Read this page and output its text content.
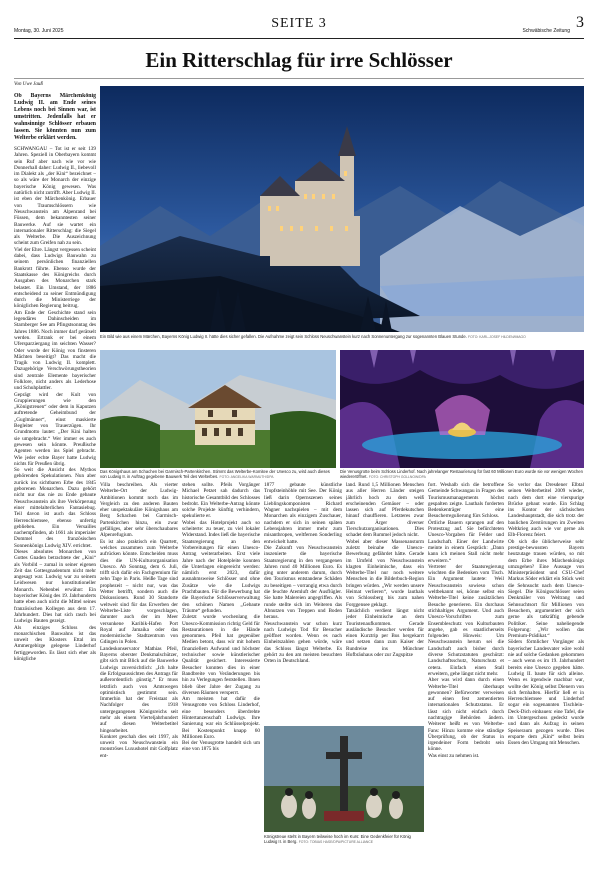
Montag, 30. Juni 2025	SEITE 3	Schwäbische Zeitung 3
Ein Ritterschlag für irre Schlösser
Von Uwe Jauß
Ob Bayerns Märchenkönig Ludwig II. am Ende seines Lebens noch bei Sinnen war, ist umstritten. Jedenfalls hat er wahnsinnige Schlösser erbauen lassen. Sie könnten nun zum Welterbe erklärt werden.

SCHWANGAU – Tot ist er seit 139 Jahren. Speziell in Oberbayern kommt sein Ruf aber nach wie vor wie Donnerhall daher: Ludwig II., liebevoll im Dialekt als „der Kini“ bezeichnet – so als wäre der Monarch der einzige bayerische König gewesen. Was natürlich nicht zutrifft. Aber Ludwig II. ist eben der Märchenkönig. Erbauer von Traumschlössern wie Neuschwanstein am Alpenrand bei Füssen, dem bekanntesten seiner Bauwerke. Auf sie wartet ein internationaler Ritterschlag: die Siegel als Welterbe. Die Auszeichnung scheint zum Greifen nah zu sein.

Viel der Ehre. Längst vergessen scheint dabei, dass Ludwigs Bauwahn zu seinem persönlichen finanziellen Bankrott führte. Ebenso wurde der Staatskasse des Königreichs durch Ausgaben des Monarchen stark belastet. Ein Umstand, der 1886 entscheidend zu seiner Entmündigung durch die Ministerriege der königlichen Regierung beitrug.

Am Ende der Geschichte stand sein legendäres Dahinscheiden im Starnberger See am Pfingstsonntag des Jahres 1886. Noch immer darf gerätselt werden. Ertrank er bei einem Ufersparziergang im seichten Wasser? Oder wurde der König von finsteren Mächten beseitigt? Das macht die Tragik von Ludwig II. komplett. Dazugehörige Verschwörungstheorien sind zentrale Elemente bayerischer Folklore, nicht anders als Lederhose und Schuhplattler.

Geprägt wird der Kult von Gruppierungen wie den „Königstreuen“ oder dem in Kaputzen auftretende Geheimbund der „Guglmänner“, einst maskierte Begleiter von Trauerzügen. Ihr Grundmotto lautet: „Der Kini halten sie umgebracht.“ Wer immer es auch gewesen sein könnte. Preußische Agenten werden ins Spiel gebracht. Wie jeder echte Bayer hatte Ludwig nichts für Preußen übrig.

So weit die Ansicht des Mythos gehörenden Spekulationen. Nun aber zurück ins sichtbaren Erbe des 1845 geborenen Monarchen. Dazu gehört nicht nur das nie zu Ende gebaute Neuschwanstein als ihre Verkörperung einer mittelalterlichen Fantasiebug. Teil davon ist auch das Schloss Herrenchiemsee, ebenso unfertig geblieben. Ein Versailles nachempfinden, ab 1661 als imperialer Dommel des französischen Sonnenkönigs Ludwig XIV. errichtet.

Dieses absolutes Monarchen von Gottes Gnaden betrachtete der „Kini“ als Vorbild – zumal in seiner eigenen Zeit das Gottesgnadentum nicht mehr angesagt war. Ludwig war zu seinem Leidwesen nur konstitutioneller Monarch. Nebenbei erwähnt: Ein bayerischer König des 19. Jahrhunderts hatte eben auch nicht die Mittel seines französischen Kollegen aus dem 17. Jahrhundert. Dies hat sich rasch bei Ludwigs Bauten gezeigt.

Als einziges Schloss des monarchischen Bauwahns ist das unweit des Klosters Ettal im Ammergebirge gelegene Linderhof fertiggeworden. Es lässt sich eher als königliche

Ein Bild wie aus einem Märchen, Bayerns König Ludwig II. hätte dies sicher gefallen. Die Aufnahme zeigt sein Schloss Neuschwanstein kurz nach Sonnenuntergang zur sogenannten Blauen Stunde. FOTO: KARL-JOSEF HILDEN/IMAGO
Das Königshaus am Schachen bei Garmisch-Partenkirchen. Stimmt das Welterbe-Komitee der Unesco zu, wird auch dieses von Ludwig II. in Auftrag gegebene Bauwerk Teil des Welterbes. FOTO: ANGELIKA WARMUTH/DPA
Die Venusgrotte beim Schloss Linderhof. Nach jahrelanger Restaurierung für fast 60 Millionen Euro wurde sie vor wenigen Wochen wiedereröffnet. FOTO: CHRISTOPH GOLLNOW/DPA
Villa beschreiben. Als vierter Welterbe-Ort der Ludwig-Ambitionen kommt noch das im Vergleich zu den anderen Bauten eher unspektakuläre Königshaus am Berg Schachen bei Garmisch-Partenkirchen hinzu, ein zwar gefälliges, aber sehr überschaubares Alpenrefugium.
Es ist also praktisch ein Quartett, welches zusammen zum Welterbe aufrücken könnte. Entscheiden muss dies die UN-Kulturorganisation Unesco. Ab Sonntag, dem 6. Juli, trifft sich dafür ein Fachgremium für zehn Tage in Paris. Heiße Tage sind prophezeit – nicht nur, was das Wetter betrifft, sondern auch die Diskussionen. Rund 30 Standorte weltweit sind für das Erwerben der Welterbe-Liste vorgeschlagen, darunter auch der im Meer versunkene Karibik-Hafen Port Royal auf Jamaika oder das modernistische Stadtzentrum von Gdingen in Polen.
Landeskonservator Mathias Pfeil, Bayerns oberster Denkmalschützer, gibt sich mit Blick auf die Bauwerke Ludwigs zuversichtlich: „Ich halte die Erfolgsaussichten des Antrags für außerordentlich günstig.“ Er muss letztlich auch von Amtswegen optimistisch gestimmt sein. Immerhin hat der Freistaat als Nachfolger des 1918 untergegangenen Königsreichs seit mehr als einem Vierteljahrhundert auf diesen Welterbetitel hingearbeitet.
Konkret geschah dies seit 1997, als unweit von Neuschwanstein ein monströses Luxushotel mit Golfplatz ent-
stehen sollte. Pfeils Vorgänger Michael Petzet sah dadurch das historische Gesamtbild des Schlosses bedroht. Ein Welterbe-Antrag könnte solche Projekte künftig verhindern, spekulierte er.
Wobei das Hotelprojekt auch so scheiterte: zu teuer, zu viel lokaler Widerstand. Indes ließ die bayerische Staatsregierung an den Vorbereitungen für einen Unesco-Antrag weiterarbeiten. Erst viele Jahre nach der Hotelpleite konnten die Unterlagen eingereicht werden: nämlich erst 2023, dafür ausnahmsweise Schlösser und ohne Zusätze wie die Ludwigs Prachtbauten. Für die Bewerbung hat die Bayerische Schlösserverwaltung den schönen Namen „Gebaute Träume“ gefunden.
Zuletzt wurde wochenlang die Unesco-Kommission richtig Geld für Restaurationen in die Hände genommen. Pfeil hat gegenüber Medien betont, dass wir mit hohem finanziellem Aufwand und höchster technischer sowie künstlerischer Qualität gesichert. Interessierte Besucher konnten dies in einer Bandbreite von Veränderungen bis hin zu Verlegungen feststellen. Ihnen blieb über Jahre der Zugang zu diversen Räumen versperrt.
Am meisten hat dafür die Venusgrotte von Schloss Linderhof, eine besonders überdrehte Hintertanzenschaft Ludwigs. Ihre Sanierung war ein Schlüsselprojekt. Bei Kostenpunkt: knapp 60 Millionen Euro.
Bei der Venusgrotte handelt sich um eine von 1875 bis
1877 gebaute künstliche Tropfsteinhöhle mit See. Der König ließ darin Opernszenen seines Lieblingskomponisten Richard Wagner nachspielen – mit dem Monarchen als einzigem Zuschauer, nachdem er sich in seinen späten Lebensjahren immer mehr zum misanthropen, weltfernen Sonderling entwickelt hatte.
Die Zukunft von Neuschwanstein inszenierte die bayerische Staatsregierung in den vergangenen Jahren rund 40 Millionen Euro. Es ging unter anderem darum, durch den Tourismus entstandene Schäden zu beseitigen – vorrangig etwa durch die feuchte Atemluft der Ausflügler. Sie hatte Malereien angegriffen. Als runde stellte sich im Weiteren das Abnutzen von Treppen und Boden heraus.
Neuschwanstein war schon kurz nach Ludwigs Tod für Besucher geöffnet worden. Wenn es nach Einheitszahlen gehen würde, wäre das Schloss längst Welterbe. Es gehört zu den am meisten besuchten Orten in Deutschland.
land. Rund 1,5 Millionen Menschen aus aller Herren Länder steigen jährlich hoch zu dem weiß erscheinenden Gemäuer – oder lassen sich auf Pferdekutschen hinauf chauffieren. Letzteres zwar zum Ärger diverser Tierschutzorganisationen. Dies schadet dem Rummel jedoch nicht.
Wobei aber dieser Massenansturm zuletzt beinahe die Unesco-Bewerbung gefährdet hätte. Gerade im Umfeld von Neuschwanstein klagten Einheimische, dass ein Welterbe-Titel nur noch weitere Menschen in die Bilderbuch-Region bringen würden. „Wir werden unsere Heimat verlieren“, wurde lauthals von Schlossberg bis zum nahen Forggensee geklagt.
Tatsächlich verdient längst nicht jeder Einheimische an dem Touristenaufkommen. Gerade ausländische Besucher werden für einen Kurztrip per Bus hergekarrt und setzen dann zum Kaiser der Rundreise ins Münchner Hofbräuhaus oder zur Zugspitze
fort. Weshalb sich die betroffene Gemeinde Schwangau in Fragen des Tourismusmanagements höchst gespalten zeigte. Lauthals forderten Bedenkenträger eine Besucherregulierung fürs Schloss.
Örtliche Bauern sprangen auf den Protestzug auf. Sie befürchteten Unesco-Vorgaben für Felder und Landschaft. Einer der Landwirte meinte in einem Gespräch: „Dann kann ich meinen Stall nicht mehr erweitern.“
Vertreter der Staatsregierung wischten die Bedenken vom Tisch. Ein Argument lautete: Weil Neuschwanstein sowieso schon weltbekannt sei, könne selbst ein Welterbe-Titel keine zusätzlichen Besuche generieren. Ein durchaus stichhaltiges Argument. Und auch Unesco-Vorschriften zum Ensembleschutz von Kulturbauten angehe, gab es staatlicherseits folgenden Hinweis: Um Neuschwanstein herum sei die Landschaft auch bisher durch diverse Schutzstatuten geschützt: Landschaftsschutz, Naturschutz et cetera. Einfach einen Stall erweitern, gehe längst nicht mehr.
Aber was wird dann durch einen Welterbe-Titel überhaupt gewonnen? Befürworter verweisen auf einen fest zementierten internationalen Schutzstatus. Er lässt sich nicht einfach durch nachtragige Behörden ändern. Weiterer heißt es von Welterbe-Fans: Hinzu komme eine ständige Überprüfung, ob der Status in irgendeiner Form bedroht sein könne.
Was einst zu nehmen ist.
So verlor das Dresdener Elbtal seinen Welterbetitel 2009 wieder, nach dem dort eine vierspurige Brücke gebaut wurde. Ein Schlag ins Kontor der sächsischen Landeshauptstadt, die sich trotz der baulichen Zerstörungen im Zweiten Weltkrieg auch wie vor gerne als Elb-Florenz feiert.
Ob sich die üblicherweise sehr prestige-bewussten Bayern heutzutage trauen würden, so mit dem Erbe ihres Märchenkönigs umzugehen? Eine Aussage von Ministerpräsident und CSU-Chef Markus Söder erklärt ein Stück weit die Sehnsucht nach dem Unesco-Siegel. Die Königsschlösser seien Denkmäler von Weltrang und Sehnsuchtsort für Millionen von Besuchern, argumentiert der sich gerne als tatkräftig gebende Politiker. Seine naheliegende Folgerung: „Wir wollen das Premium-Prädikat.“
Söders förmlicher Vorgänger als bayerischer Landesvater wäre wohl nie auf solche Gedanken gekommen – auch wenn es im 19. Jahrhundert bereits eine Unesco gegeben hätte. Ludwig II. baute für sich alleine. Wenn es irgendwie machbar war, wollte der König selbst Dienern von sich fernhalten. Hierfür ließ er in Herrenchiemsee und Linderhof sogar ein sogenannten Tischlein-Deck-Dich einbauen: eine Tafel, die im Untergeschoss gedeckt wurde und dann als Aufzug in seinen Speiseraum gezogen wurde. Dies ersparte dem „Kini“ selbst beim Essen den Umgang mit Menschen.
Königstreue steht in Bayern teilweise hoch im Kurs: Eine Gedenkfeier für König Ludwig II. in Berg. FOTO: TOBIAS HASE/DPA/PICTURE ALLIANCE
